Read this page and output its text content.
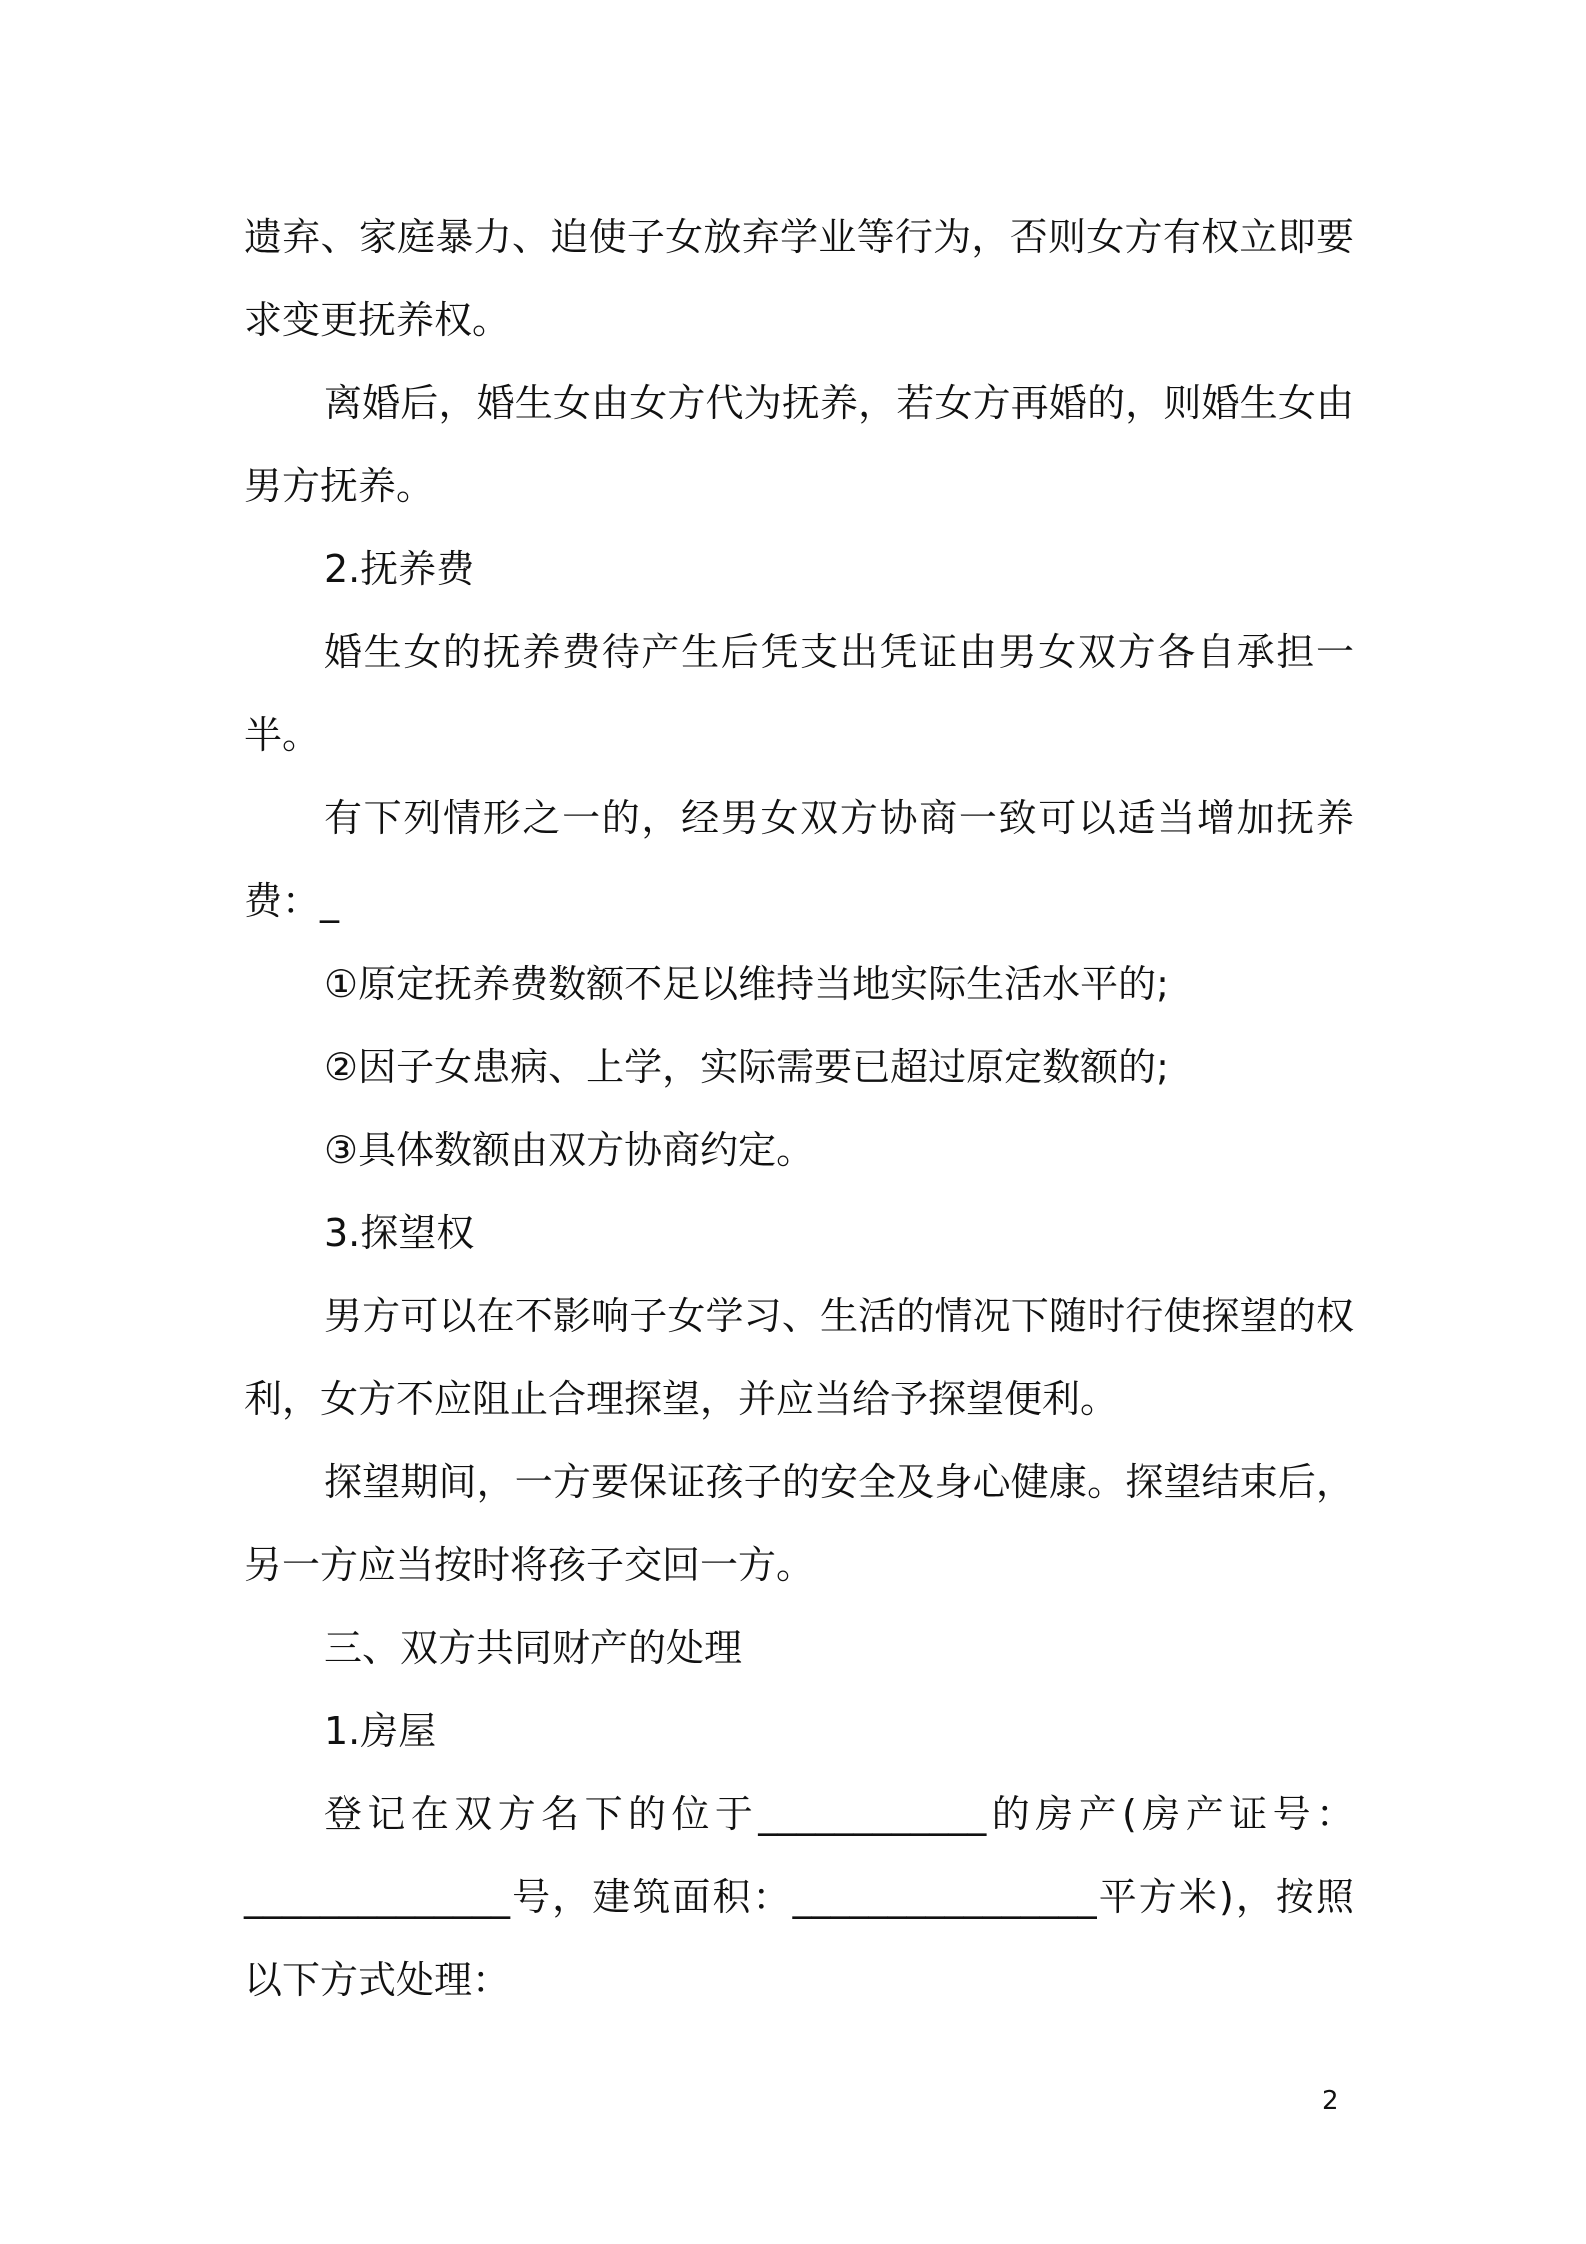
遗弃、家庭暴力、迫使子女放弃学业等行为，否则女方有权立即要求变更抚养权。

离婚后，婚生女由女方代为抚养，若女方再婚的，则婚生女由男方抚养。

2.抚养费

婚生女的抚养费待产生后凭支出凭证由男女双方各自承担一半。

有下列情形之一的，经男女双方协商一致可以适当增加抚养费：_

①原定抚养费数额不足以维持当地实际生活水平的;

②因子女患病、上学，实际需要已超过原定数额的;

③具体数额由双方协商约定。

3.探望权

男方可以在不影响子女学习、生活的情况下随时行使探望的权利，女方不应阻止合理探望，并应当给予探望便利。

探望期间，一方要保证孩子的安全及身心健康。探望结束后，另一方应当按时将孩子交回一方。

三、双方共同财产的处理

1.房屋

登记在双方名下的位于____________的房产(房产证号：______________号，建筑面积：________________平方米)，按照以下方式处理：

2
